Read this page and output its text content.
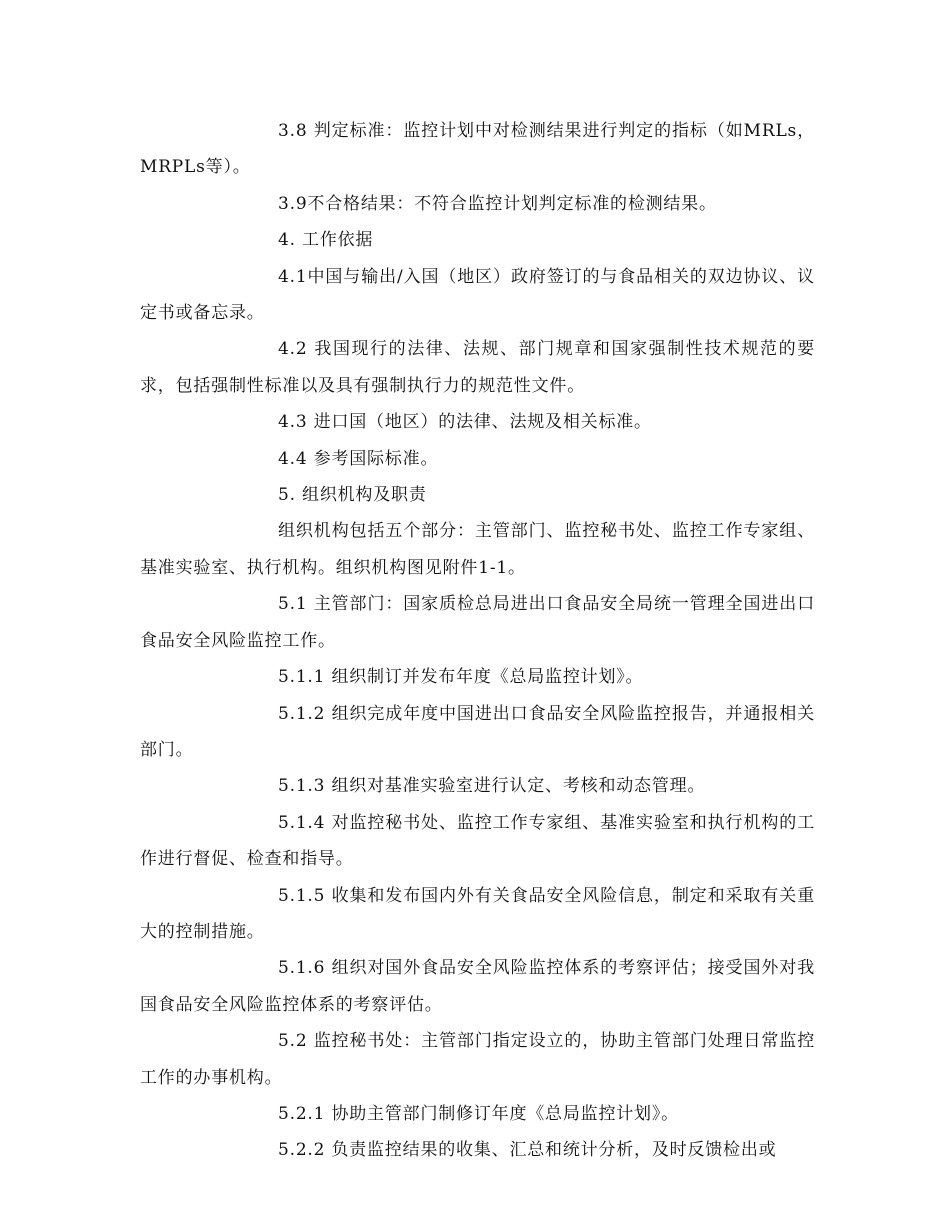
3.8 判定标准：监控计划中对检测结果进行判定的指标（如MRLs，MRPLs等）。

3.9不合格结果：不符合监控计划判定标准的检测结果。

4. 工作依据

4.1中国与输出/入国（地区）政府签订的与食品相关的双边协议、议定书或备忘录。

4.2 我国现行的法律、法规、部门规章和国家强制性技术规范的要求，包括强制性标准以及具有强制执行力的规范性文件。

4.3 进口国（地区）的法律、法规及相关标准。

4.4 参考国际标准。

5. 组织机构及职责

组织机构包括五个部分：主管部门、监控秘书处、监控工作专家组、基准实验室、执行机构。组织机构图见附件1-1。

5.1 主管部门：国家质检总局进出口食品安全局统一管理全国进出口食品安全风险监控工作。

5.1.1 组织制订并发布年度《总局监控计划》。

5.1.2 组织完成年度中国进出口食品安全风险监控报告，并通报相关部门。

5.1.3 组织对基准实验室进行认定、考核和动态管理。

5.1.4 对监控秘书处、监控工作专家组、基准实验室和执行机构的工作进行督促、检查和指导。

5.1.5 收集和发布国内外有关食品安全风险信息，制定和采取有关重大的控制措施。

5.1.6 组织对国外食品安全风险监控体系的考察评估；接受国外对我国食品安全风险监控体系的考察评估。

5.2 监控秘书处：主管部门指定设立的，协助主管部门处理日常监控工作的办事机构。

5.2.1 协助主管部门制修订年度《总局监控计划》。

5.2.2 负责监控结果的收集、汇总和统计分析，及时反馈检出或
